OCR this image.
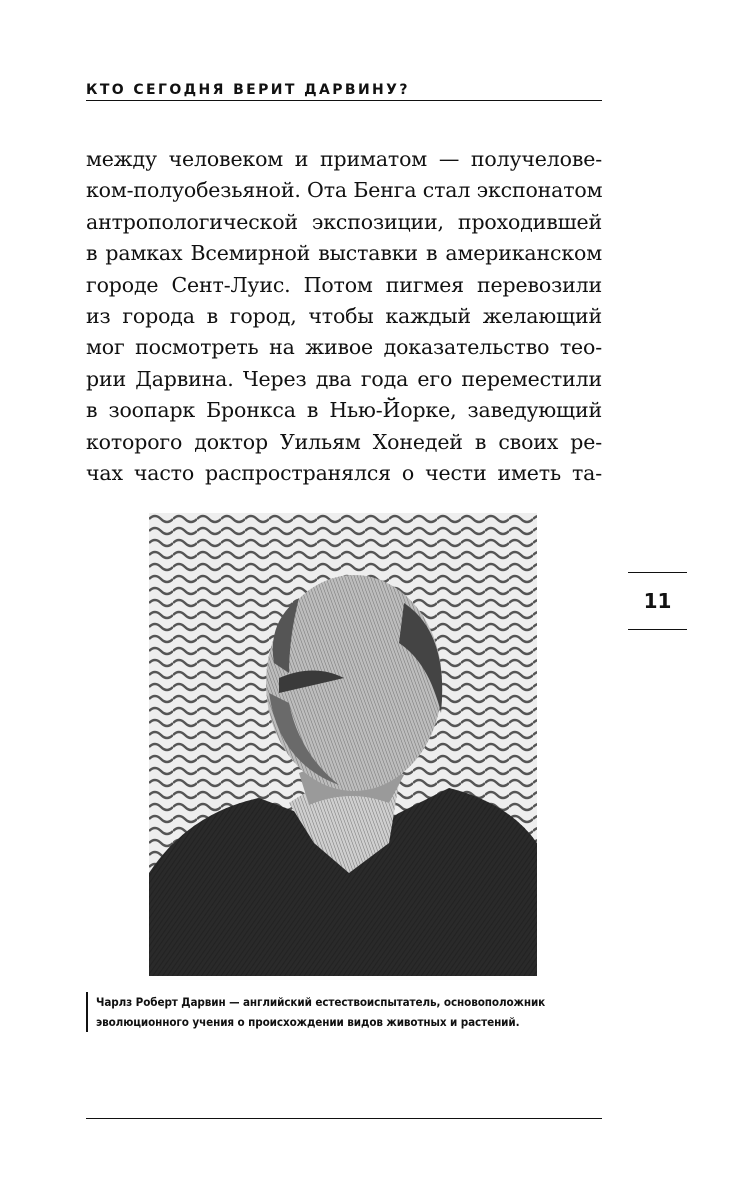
КТО СЕГОДНЯ ВЕРИТ ДАРВИНУ?
между человеком и приматом — получелове-
ком-полуобезьяной. Ота Бенга стал экспонатом
антропологической экспозиции, проходившей
в рамках Всемирной выставки в американском
городе Сент-Луис. Потом пигмея перевозили
из города в город, чтобы каждый желающий
мог посмотреть на живое доказательство тео-
рии Дарвина. Через два года его переместили
в зоопарк Бронкса в Нью-Йорке, заведующий
которого доктор Уильям Хонедей в своих ре-
чах часто распространялся о чести иметь та-
11
Чарлз Роберт Дарвин — английский естествоиспытатель, основоположник
эволюционного учения о происхождении видов животных и растений.
